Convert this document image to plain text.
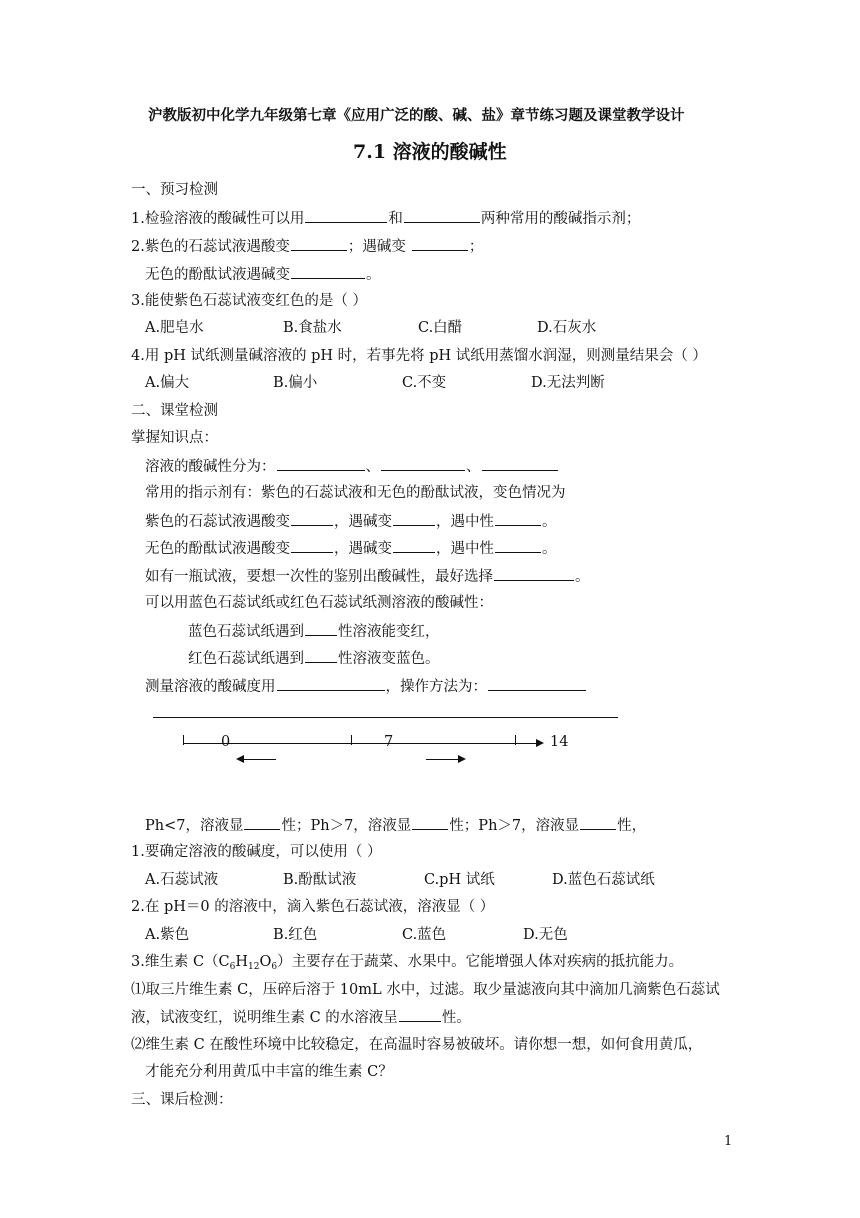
沪教版初中化学九年级第七章《应用广泛的酸、碱、盐》章节练习题及课堂教学设计
7.1 溶液的酸碱性
一、预习检测
1.检验溶液的酸碱性可以用	和	两种常用的酸碱指示剂；
2.紫色的石蕊试液遇酸变	；遇碱变	；
无色的酚酞试液遇碱变	。
3.能使紫色石蕊试液变红色的是（ ）
A.肥皂水	B.食盐水	C.白醋	D.石灰水
4.用 pH 试纸测量碱溶液的 pH 时，若事先将 pH 试纸用蒸馏水润湿，则测量结果会（ ）
A.偏大	B.偏小	C.不变	D.无法判断
二、课堂检测
掌握知识点：
溶液的酸碱性分为：	、	、
常用的指示剂有：紫色的石蕊试液和无色的酚酞试液，变色情况为
紫色的石蕊试液遇酸变	，遇碱变	，遇中性	。
无色的酚酞试液遇酸变	，遇碱变	，遇中性	。
如有一瓶试液，要想一次性的鉴别出酸碱性，最好选择	。
可以用蓝色石蕊试纸或红色石蕊试纸测溶液的酸碱性：
蓝色石蕊试纸遇到 性溶液能变红，
红色石蕊试纸遇到 性溶液变蓝色。
测量溶液的酸碱度用	，操作方法为：
0	7	14
Ph<7，溶液显	性；Ph＞7，溶液显	性；Ph＞7，溶液显	性，
1.要确定溶液的酸碱度，可以使用（ ）
A.石蕊试液	B.酚酞试液	C.pH 试纸	D.蓝色石蕊试纸
2.在 pH＝0 的溶液中，滴入紫色石蕊试液，溶液显（ ）
A.紫色	B.红色	C.蓝色	D.无色
3.维生素 $C(C_6H_{12}O_6)$主要存在于蔬菜、水果中。它能增强人体对疾病的抵抗能力。
⑴取三片维生素 C，压碎后溶于 10mL 水中，过滤。取少量滤液向其中滴加几滴紫色石蕊试
液，试液变红，说明维生素 C 的水溶液呈	性。
⑵维生素 C 在酸性环境中比较稳定，在高温时容易被破坏。请你想一想，如何食用黄瓜，
才能充分利用黄瓜中丰富的维生素 C？
三、课后检测：
1
